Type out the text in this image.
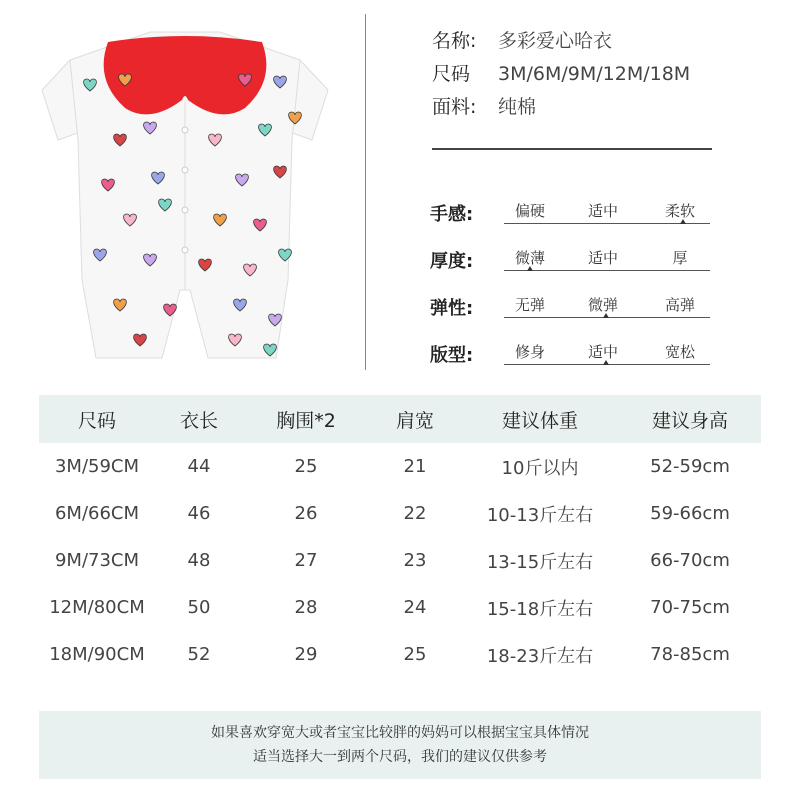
名称:	多彩爱心哈衣
尺码	3M/6M/9M/12M/18M
面料:	纯棉
手感:	偏硬	适中	柔软
厚度:	微薄	适中	厚
弹性:	无弹	微弹	高弹
版型:	修身	适中	宽松
尺码	衣长	胸围*2	肩宽	建议体重	建议身高
3M/59CM	44	25	21	10斤以内	52-59cm
6M/66CM	46	26	22	10-13斤左右	59-66cm
9M/73CM	48	27	23	13-15斤左右	66-70cm
12M/80CM	50	28	24	15-18斤左右	70-75cm
18M/90CM	52	29	25	18-23斤左右	78-85cm
如果喜欢穿宽大或者宝宝比较胖的妈妈可以根据宝宝具体情况
适当选择大一到两个尺码，我们的建议仅供参考
